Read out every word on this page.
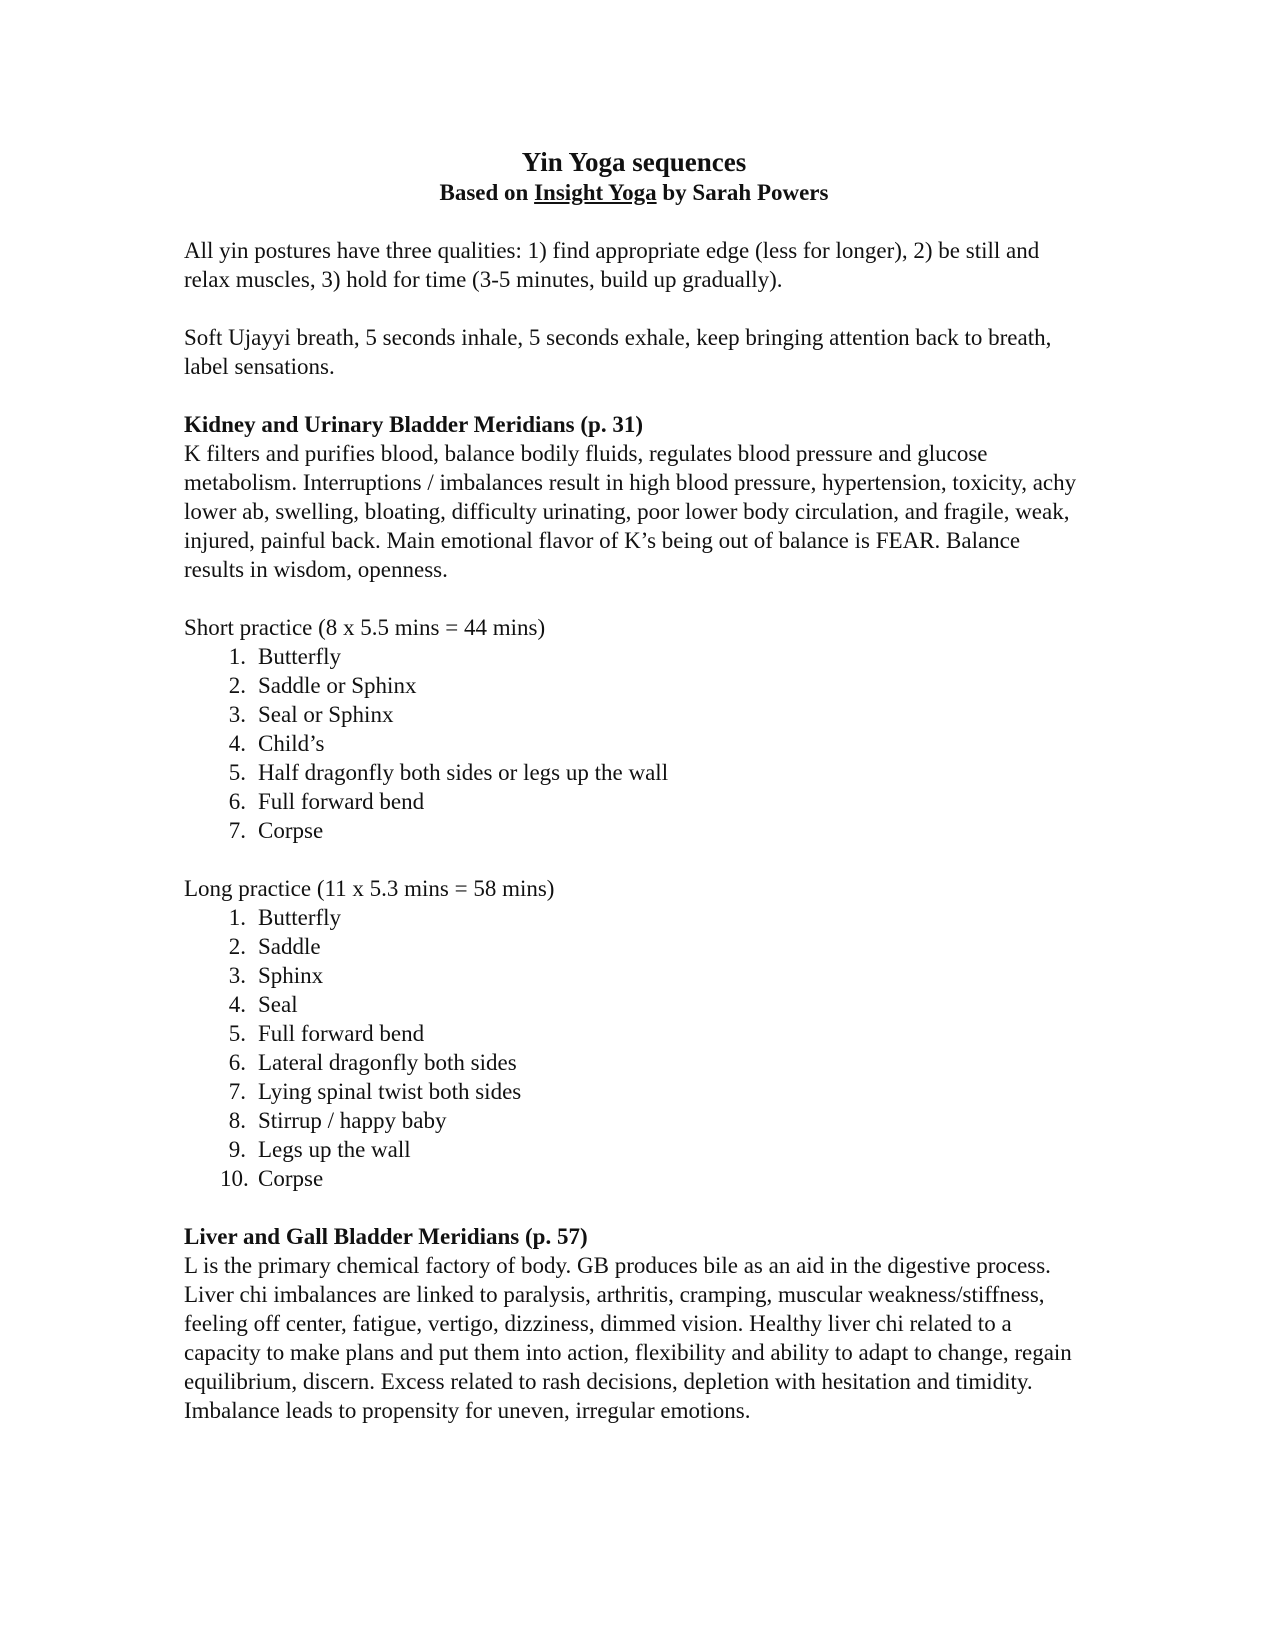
Yin Yoga sequences
Based on Insight Yoga by Sarah Powers

All yin postures have three qualities: 1) find appropriate edge (less for longer), 2) be still and relax muscles, 3) hold for time (3-5 minutes, build up gradually).

Soft Ujayyi breath, 5 seconds inhale, 5 seconds exhale, keep bringing attention back to breath, label sensations.

Kidney and Urinary Bladder Meridians (p. 31)
K filters and purifies blood, balance bodily fluids, regulates blood pressure and glucose metabolism. Interruptions / imbalances result in high blood pressure, hypertension, toxicity, achy lower ab, swelling, bloating, difficulty urinating, poor lower body circulation, and fragile, weak, injured, painful back. Main emotional flavor of K’s being out of balance is FEAR. Balance results in wisdom, openness.
Short practice (8 x 5.5 mins = 44 mins)
1. Butterfly
2. Saddle or Sphinx
3. Seal or Sphinx
4. Child’s
5. Half dragonfly both sides or legs up the wall
6. Full forward bend
7. Corpse
Long practice (11 x 5.3 mins = 58 mins)
1. Butterfly
2. Saddle
3. Sphinx
4. Seal
5. Full forward bend
6. Lateral dragonfly both sides
7. Lying spinal twist both sides
8. Stirrup / happy baby
9. Legs up the wall
10. Corpse
Liver and Gall Bladder Meridians (p. 57)
L is the primary chemical factory of body. GB produces bile as an aid in the digestive process. Liver chi imbalances are linked to paralysis, arthritis, cramping, muscular weakness/stiffness, feeling off center, fatigue, vertigo, dizziness, dimmed vision. Healthy liver chi related to a capacity to make plans and put them into action, flexibility and ability to adapt to change, regain equilibrium, discern. Excess related to rash decisions, depletion with hesitation and timidity. Imbalance leads to propensity for uneven, irregular emotions.
